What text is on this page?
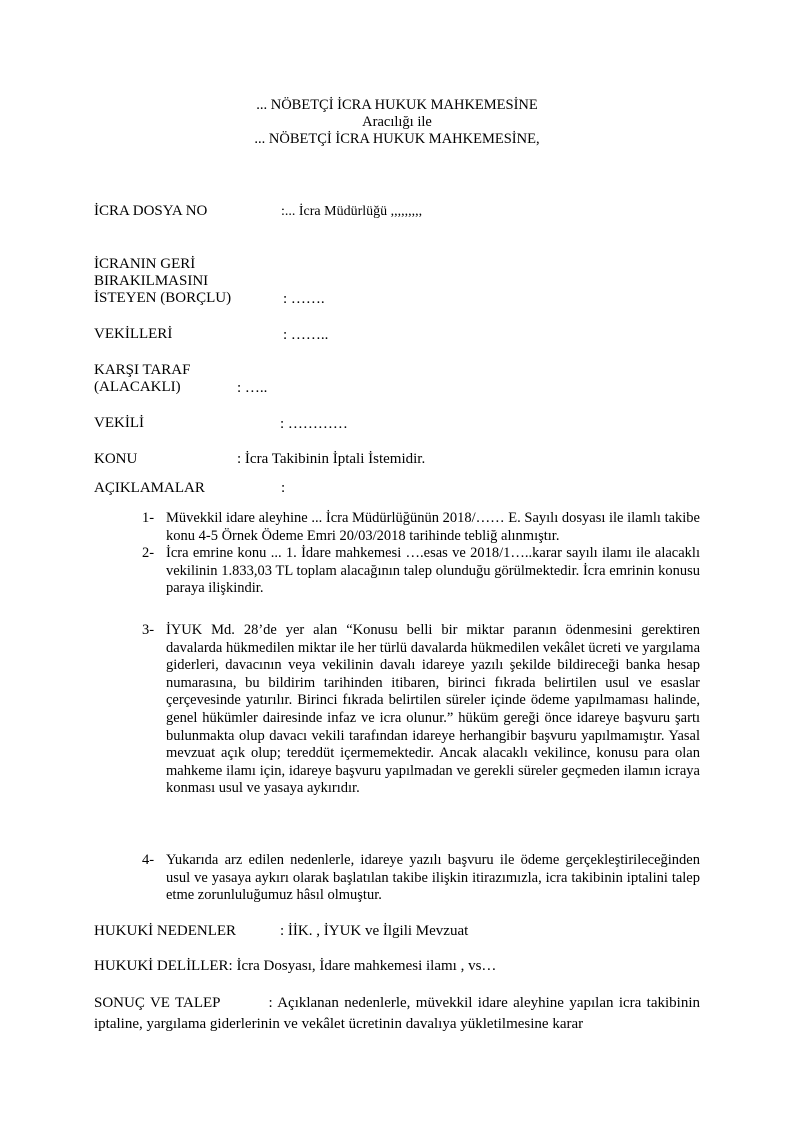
... NÖBETÇİ İCRA HUKUK MAHKEMESİNE
Aracılığı ile
... NÖBETÇİ İCRA HUKUK MAHKEMESİNE,
İCRA DOSYA NO	:... İcra Müdürlüğü ,,,,,,,,,
İCRANIN GERİ
BIRAKILMASINI
İSTEYEN (BORÇLU)	: …….
VEKİLLERİ	: ……..
KARŞI TARAF
(ALACAKLI)	: …..
VEKİLİ	: …………
KONU	: İcra Takibinin İptali İstemidir.
AÇIKLAMALAR	:
1- Müvekkil idare aleyhine ... İcra Müdürlüğünün 2018/…… E. Sayılı dosyası ile ilamlı takibe konu 4-5 Örnek Ödeme Emri 20/03/2018 tarihinde tebliğ alınmıştır.
2- İcra emrine konu ... 1. İdare mahkemesi ….esas ve 2018/1…..karar sayılı ilamı ile alacaklı vekilinin 1.833,03 TL toplam alacağının talep olunduğu görülmektedir. İcra emrinin konusu paraya ilişkindir.
3- İYUK Md. 28’de yer alan “Konusu belli bir miktar paranın ödenmesini gerektiren davalarda hükmedilen miktar ile her türlü davalarda hükmedilen vekâlet ücreti ve yargılama giderleri, davacının veya vekilinin davalı idareye yazılı şekilde bildireceği banka hesap numarasına, bu bildirim tarihinden itibaren, birinci fıkrada belirtilen usul ve esaslar çerçevesinde yatırılır. Birinci fıkrada belirtilen süreler içinde ödeme yapılmaması halinde, genel hükümler dairesinde infaz ve icra olunur.” hüküm gereği önce idareye başvuru şartı bulunmakta olup davacı vekili tarafından idareye herhangibir başvuru yapılmamıştır. Yasal mevzuat açık olup; tereddüt içermemektedir. Ancak alacaklı vekilince, konusu para olan mahkeme ilamı için, idareye başvuru yapılmadan ve gerekli süreler geçmeden ilamın icraya konması usul ve yasaya aykırıdır.
4- Yukarıda arz edilen nedenlerle, idareye yazılı başvuru ile ödeme gerçekleştirileceğinden usul ve yasaya aykırı olarak başlatılan takibe ilişkin itirazımızla, icra takibinin iptalini talep etme zorunluluğumuz hâsıl olmuştur.
HUKUKİ NEDENLER	: İİK. , İYUK ve İlgili Mevzuat
HUKUKİ DELİLLER: İcra Dosyası, İdare mahkemesi ilamı , vs…
SONUÇ VE TALEP	: Açıklanan nedenlerle, müvekkil idare aleyhine yapılan icra takibinin iptaline, yargılama giderlerinin ve vekâlet ücretinin davalıya yükletilmesine karar
